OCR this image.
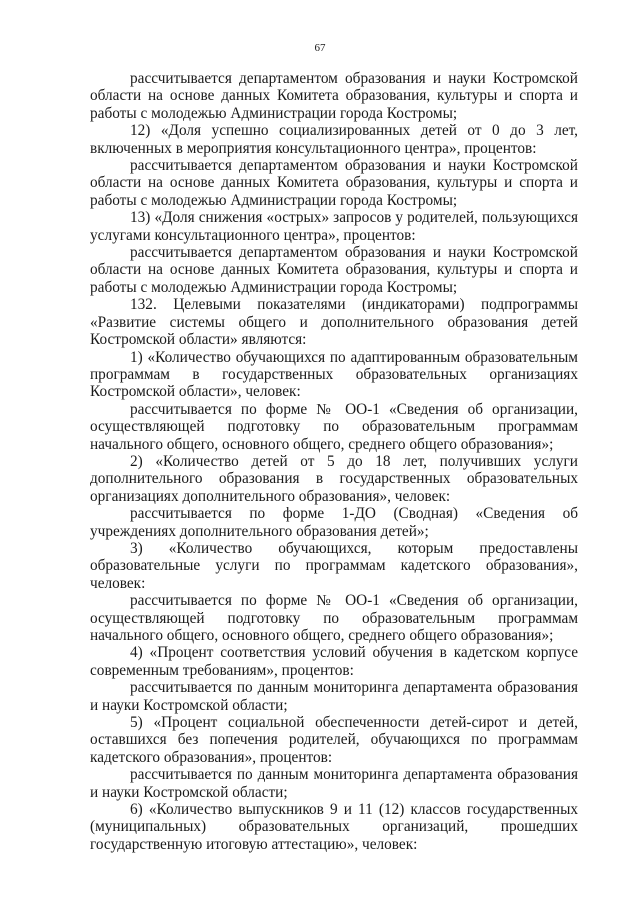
67

рассчитывается департаментом образования и науки Костромской области на основе данных Комитета образования, культуры и спорта и работы с молодежью Администрации города Костромы;

12) «Доля успешно социализированных детей от 0 до 3 лет, включенных в мероприятия консультационного центра», процентов:

рассчитывается департаментом образования и науки Костромской области на основе данных Комитета образования, культуры и спорта и работы с молодежью Администрации города Костромы;

13) «Доля снижения «острых» запросов у родителей, пользующихся услугами консультационного центра», процентов:

рассчитывается департаментом образования и науки Костромской области на основе данных Комитета образования, культуры и спорта и работы с молодежью Администрации города Костромы;

132. Целевыми показателями (индикаторами) подпрограммы «Развитие системы общего и дополнительного образования детей Костромской области» являются:

1) «Количество обучающихся по адаптированным образовательным программам в государственных образовательных организациях Костромской области», человек:

рассчитывается по форме № ОО-1 «Сведения об организации, осуществляющей подготовку по образовательным программам начального общего, основного общего, среднего общего образования»;

2) «Количество детей от 5 до 18 лет, получивших услуги дополнительного образования в государственных образовательных организациях дополнительного образования», человек:

рассчитывается по форме 1-ДО (Сводная) «Сведения об учреждениях дополнительного образования детей»;

3) «Количество обучающихся, которым предоставлены образовательные услуги по программам кадетского образования», человек:

рассчитывается по форме № ОО-1 «Сведения об организации, осуществляющей подготовку по образовательным программам начального общего, основного общего, среднего общего образования»;

4) «Процент соответствия условий обучения в кадетском корпусе современным требованиям», процентов:

рассчитывается по данным мониторинга департамента образования и науки Костромской области;

5) «Процент социальной обеспеченности детей-сирот и детей, оставшихся без попечения родителей, обучающихся по программам кадетского образования», процентов:

рассчитывается по данным мониторинга департамента образования и науки Костромской области;

6) «Количество выпускников 9 и 11 (12) классов государственных (муниципальных) образовательных организаций, прошедших государственную итоговую аттестацию», человек:
